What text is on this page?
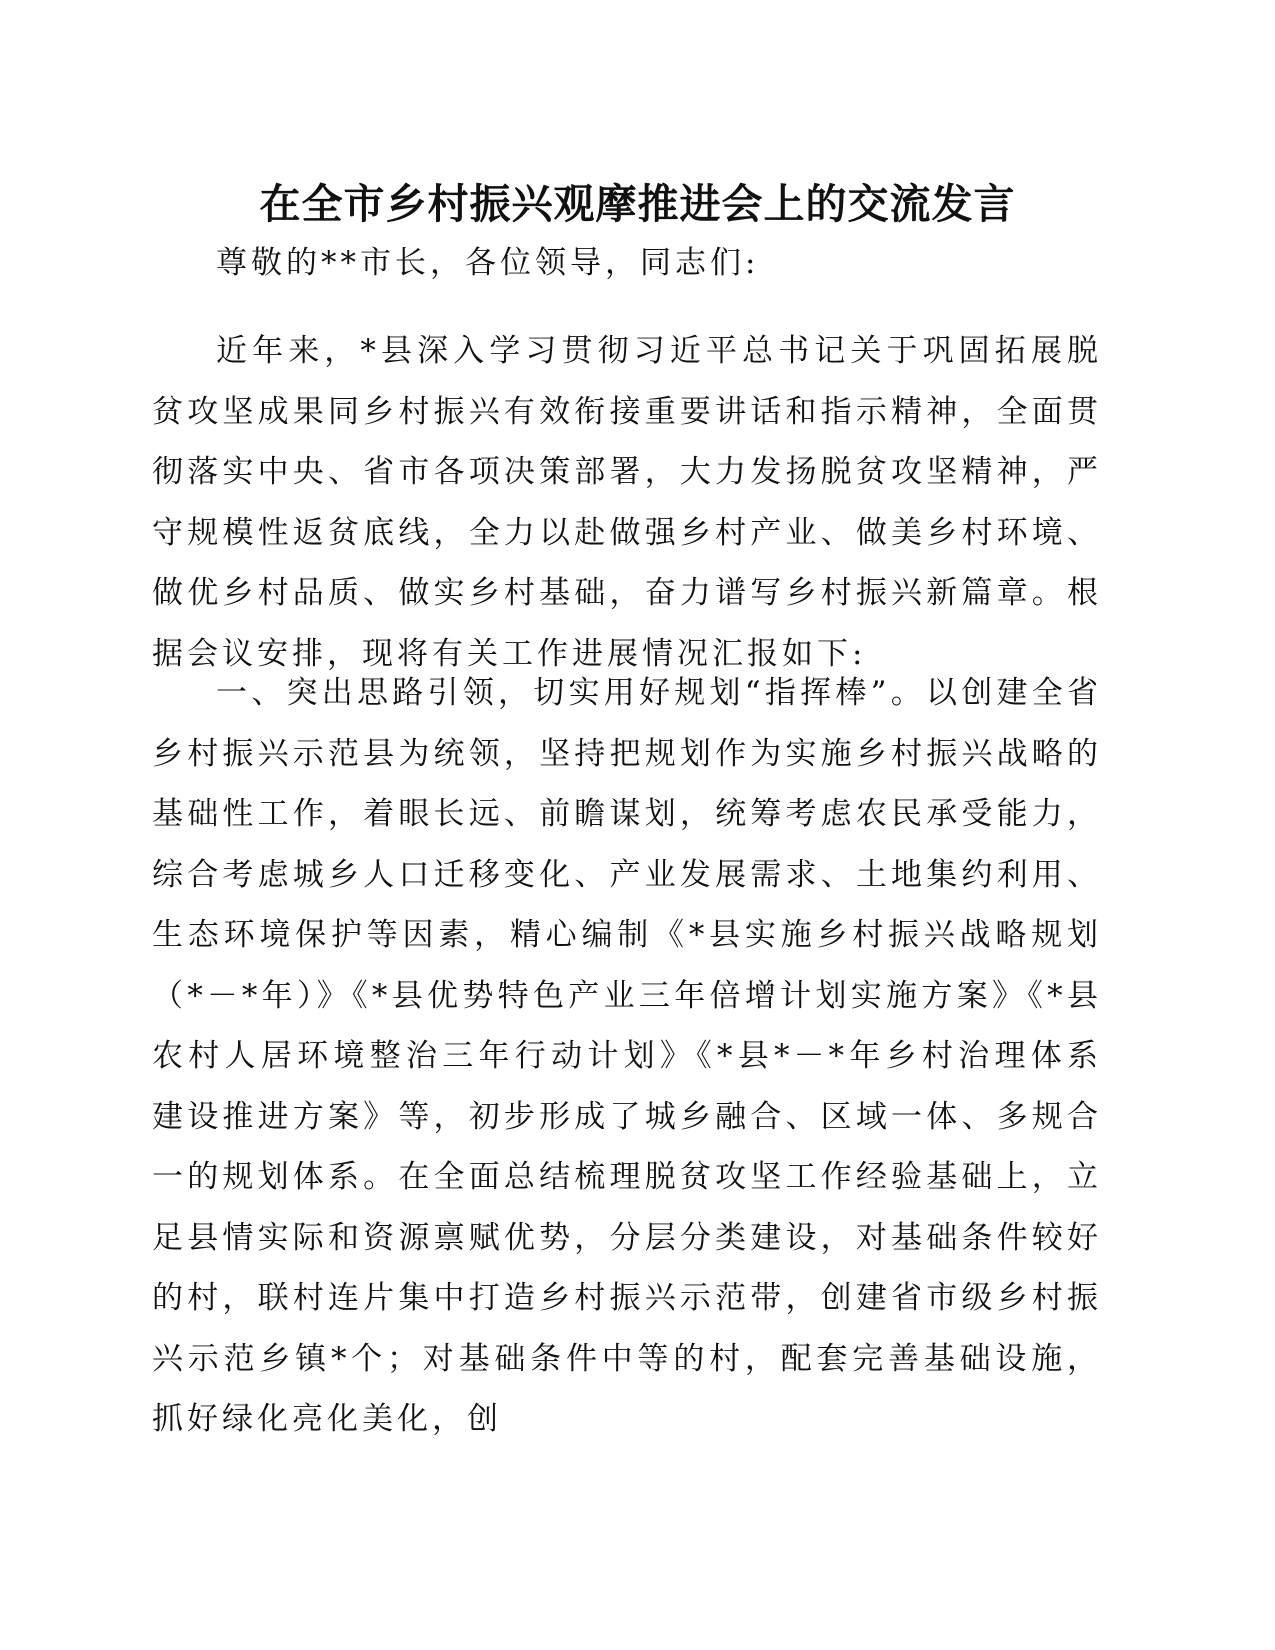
在全市乡村振兴观摩推进会上的交流发言

尊敬的**市长，各位领导，同志们:

近年来，*县深入学习贯彻习近平总书记关于巩固拓展脱贫攻坚成果同乡村振兴有效衔接重要讲话和指示精神，全面贯彻落实中央、省市各项决策部署，大力发扬脱贫攻坚精神，严守规模性返贫底线，全力以赴做强乡村产业、做美乡村环境、做优乡村品质、做实乡村基础，奋力谱写乡村振兴新篇章。根据会议安排，现将有关工作进展情况汇报如下:

一、突出思路引领，切实用好规划“指挥棒”。以创建全省乡村振兴示范县为统领，坚持把规划作为实施乡村振兴战略的基础性工作，着眼长远、前瞻谋划，统筹考虑农民承受能力，综合考虑城乡人口迁移变化、产业发展需求、土地集约利用、生态环境保护等因素，精心编制《*县实施乡村振兴战略规划（*－*年）》《*县优势特色产业三年倍增计划实施方案》《*县农村人居环境整治三年行动计划》《*县*－*年乡村治理体系建设推进方案》等，初步形成了城乡融合、区域一体、多规合一的规划体系。在全面总结梳理脱贫攻坚工作经验基础上，立足县情实际和资源禀赋优势，分层分类建设，对基础条件较好的村，联村连片集中打造乡村振兴示范带，创建省市级乡村振兴示范乡镇*个；对基础条件中等的村，配套完善基础设施，抓好绿化亮化美化，创
